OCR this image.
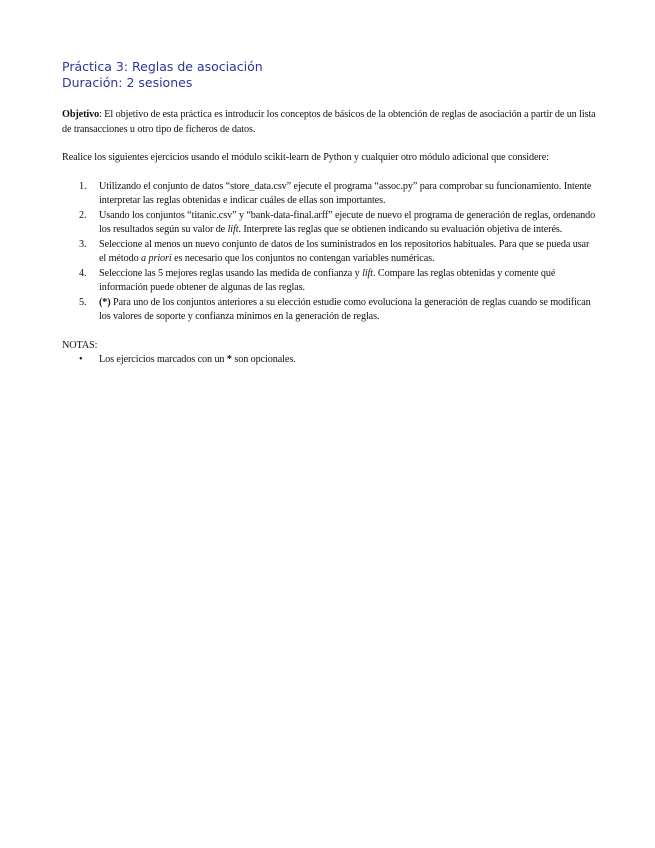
Práctica 3: Reglas de asociación
Duración: 2 sesiones

Objetivo: El objetivo de esta práctica es introducir los conceptos de básicos de la obtención de reglas de asociación a partir de un lista de transacciones u otro tipo de ficheros de datos.

Realice los siguientes ejercicios usando el módulo scikit-learn de Python y cualquier otro módulo adicional que considere:

1. Utilizando el conjunto de datos “store_data.csv” ejecute el programa “assoc.py” para comprobar su funcionamiento. Intente interpretar las reglas obtenidas e indicar cuáles de ellas son importantes.
2. Usando los conjuntos “titanic.csv” y “bank-data-final.arff” ejecute de nuevo el programa de generación de reglas, ordenando los resultados según su valor de lift. Interprete las reglas que se obtienen indicando su evaluación objetiva de interés.
3. Seleccione al menos un nuevo conjunto de datos de los suministrados en los repositorios habituales. Para que se pueda usar el método a priori es necesario que los conjuntos no contengan variables numéricas.
4. Seleccione las 5 mejores reglas usando las medida de confianza y lift. Compare las reglas obtenidas y comente qué información puede obtener de algunas de las reglas.
5. (*) Para uno de los conjuntos anteriores a su elección estudie como evoluciona la generación de reglas cuando se modifican los valores de soporte y confianza mínimos en la generación de reglas.

NOTAS:

• Los ejercicios marcados con un * son opcionales.
